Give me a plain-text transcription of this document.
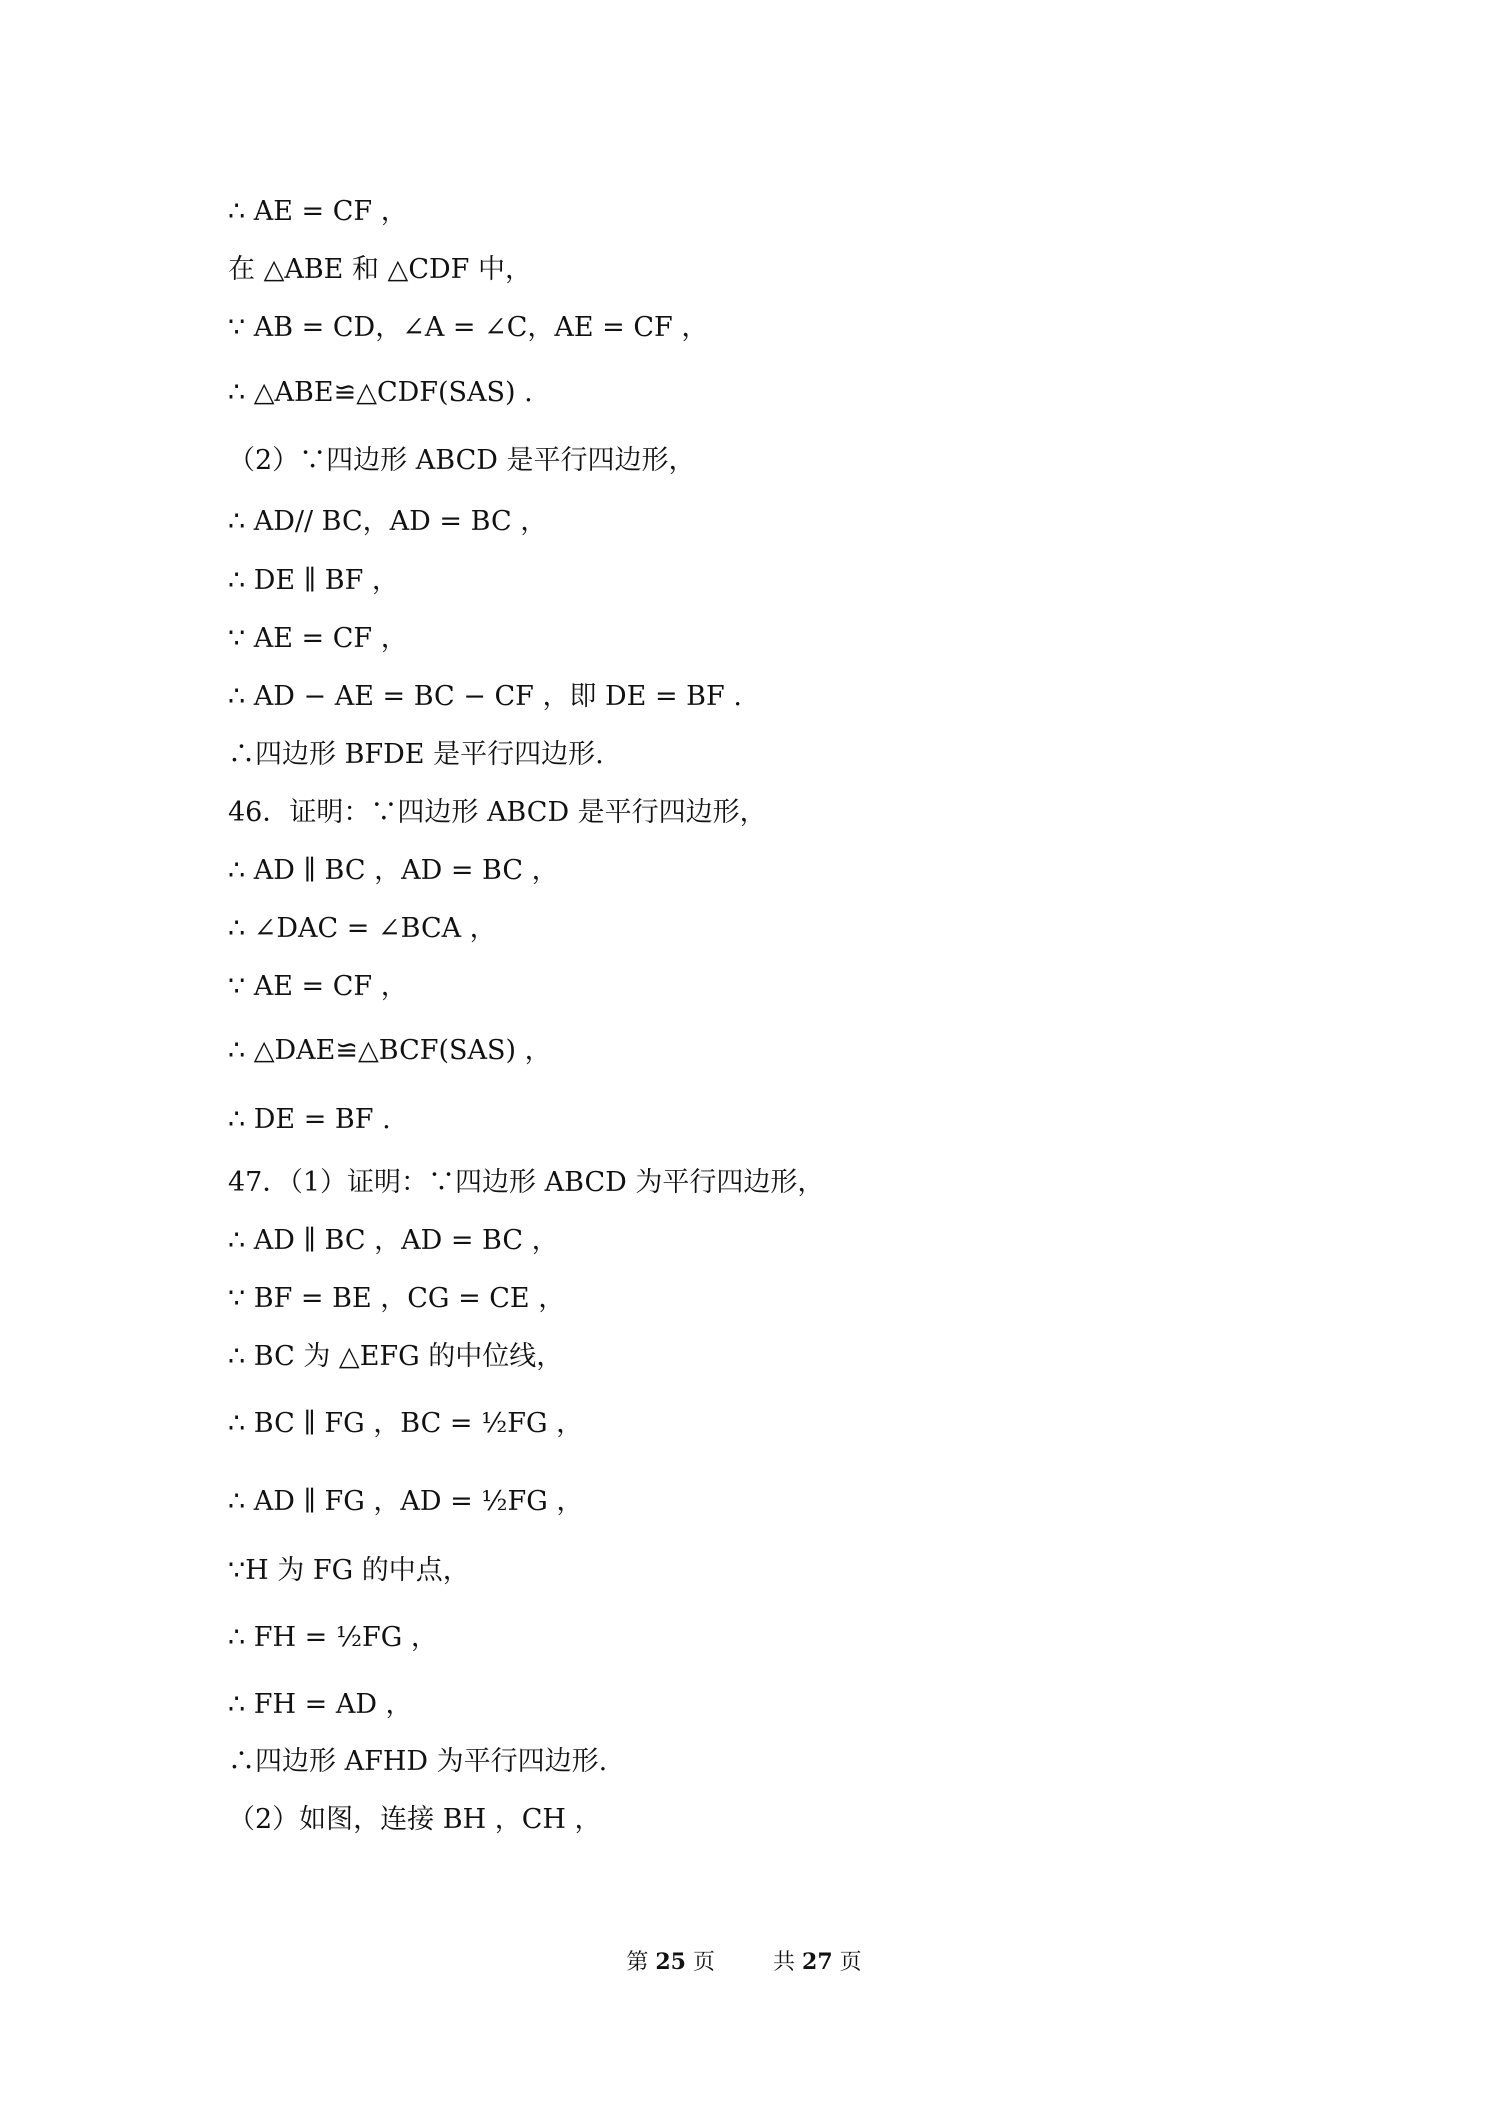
∴ AE = CF ，
在 △ABE 和 △CDF 中，
∵ AB = CD，∠A = ∠C，AE = CF ，
∴ △ABE≌△CDF(SAS) .
（2）∵四边形 ABCD 是平行四边形，
∴ AD// BC，AD = BC ，
∴ DE ∥ BF ，
∵ AE = CF ，
∴ AD − AE = BC − CF ，即 DE = BF .
∴四边形 BFDE 是平行四边形.
46．证明：∵四边形 ABCD 是平行四边形，
∴ AD ∥ BC ，AD = BC ，
∴ ∠DAC = ∠BCA ，
∵ AE = CF ，
∴ △DAE≌△BCF(SAS) ，
∴ DE = BF .
47．（1）证明：∵四边形 ABCD 为平行四边形，
∴ AD ∥ BC ，AD = BC ，
∵ BF = BE ，CG = CE ，
∴ BC 为 △EFG 的中位线，
∴ BC ∥ FG ，BC = ½FG ，
∴ AD ∥ FG ，AD = ½FG ，
∵H 为 FG 的中点，
∴ FH = ½FG ，
∴ FH = AD ，
∴四边形 AFHD 为平行四边形.
（2）如图，连接 BH ，CH ，
第 25 页	共 27 页
